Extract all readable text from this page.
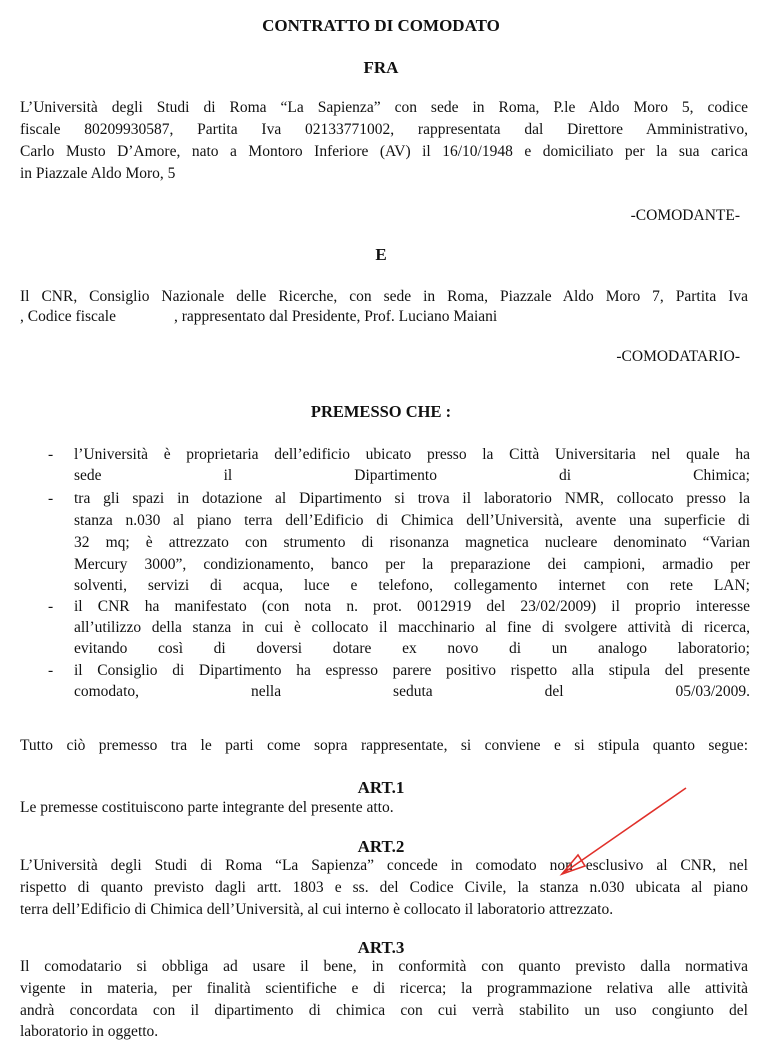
CONTRATTO DI COMODATO
FRA
L’Università degli Studi di Roma “La Sapienza” con sede in Roma, P.le Aldo Moro 5, codice
fiscale 80209930587, Partita Iva 02133771002, rappresentata dal Direttore Amministrativo,
Carlo Musto D’Amore, nato a Montoro Inferiore (AV) il 16/10/1948 e domiciliato per la sua carica
in Piazzale Aldo Moro, 5
-COMODANTE-
E
Il CNR, Consiglio Nazionale delle Ricerche, con sede in Roma, Piazzale Aldo Moro 7, Partita Iva
, Codice fiscale	, rappresentato dal Presidente, Prof. Luciano Maiani
-COMODATARIO-
PREMESSO CHE :
- l’Università è proprietaria dell’edificio ubicato presso la Città Universitaria nel quale ha
sede il Dipartimento di Chimica;
- tra gli spazi in dotazione al Dipartimento si trova il laboratorio NMR, collocato presso la
stanza n.030 al piano terra dell’Edificio di Chimica dell’Università, avente una superficie di
32 mq; è attrezzato con strumento di risonanza magnetica nucleare denominato “Varian
Mercury 3000”, condizionamento, banco per la preparazione dei campioni, armadio per
solventi, servizi di acqua, luce e telefono, collegamento internet con rete LAN;
- il CNR ha manifestato (con nota n. prot. 0012919 del 23/02/2009) il proprio interesse
all’utilizzo della stanza in cui è collocato il macchinario al fine di svolgere attività di ricerca,
evitando così di doversi dotare ex novo di un analogo laboratorio;
- il Consiglio di Dipartimento ha espresso parere positivo rispetto alla stipula del presente
comodato, nella seduta del 05/03/2009.
Tutto ciò premesso tra le parti come sopra rappresentate, si conviene e si stipula quanto segue:
ART.1
Le premesse costituiscono parte integrante del presente atto.
ART.2
L’Università degli Studi di Roma “La Sapienza” concede in comodato non esclusivo al CNR, nel
rispetto di quanto previsto dagli artt. 1803 e ss. del Codice Civile, la stanza n.030 ubicata al piano
terra dell’Edificio di Chimica dell’Università, al cui interno è collocato il laboratorio attrezzato.
ART.3
Il comodatario si obbliga ad usare il bene, in conformità con quanto previsto dalla normativa
vigente in materia, per finalità scientifiche e di ricerca; la programmazione relativa alle attività
andrà concordata con il dipartimento di chimica con cui verrà stabilito un uso congiunto del
laboratorio in oggetto.
